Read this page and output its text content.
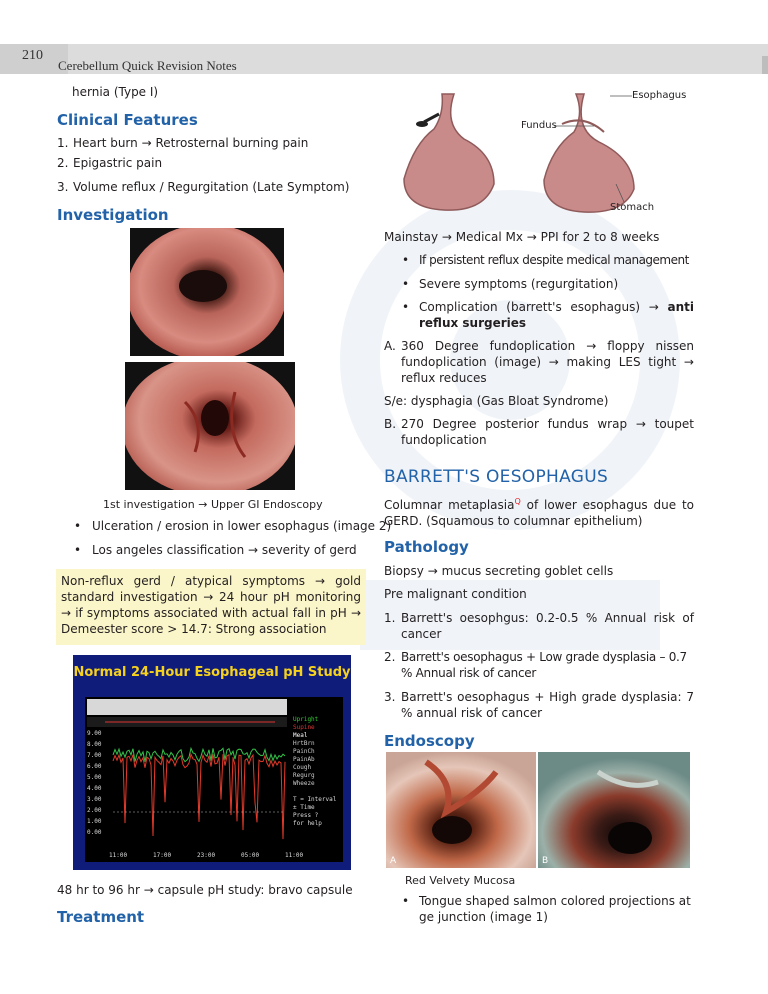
210
Cerebellum Quick Revision Notes
hernia (Type I)
Clinical Features
1. Heart burn → Retrosternal burning pain
2. Epigastric pain
3. Volume reflux / Regurgitation (Late Symptom)
Investigation
1st investigation → Upper GI Endoscopy
• Ulceration / erosion in lower esophagus (image 2)
• Los angeles classification → severity of gerd
Non-reflux gerd / atypical symptoms → gold standard investigation → 24 hour pH monitoring → if symptoms associated with actual fall in pH → Demeester score > 14.7: Strong association
Normal 24-Hour Esophageal pH Study
9.00
8.00
7.00
6.00
5.00
4.00
3.00
2.00
1.00
0.00
11:00	17:00	23:00	05:00	11:00
Upright
Supine
Meal
HrtBrn
PainCh
PainAb
Cough
Regurg
Wheeze
T = Interval
± Time
Press ?
for help
48 hr to 96 hr → capsule pH study: bravo capsule
Treatment
Esophagus
Fundus
Stomach
Mainstay → Medical Mx → PPI for 2 to 8 weeks
• If persistent reflux despite medical management
• Severe symptoms (regurgitation)
• Complication (barrett's esophagus) → anti reflux surgeries
A. 360 Degree fundoplication → floppy nissen fundoplication (image) → making LES tight → reflux reduces
S/e: dysphagia (Gas Bloat Syndrome)
B. 270 Degree posterior fundus wrap → toupet fundoplication
BARRETT'S OESOPHAGUS
Columnar metaplasia$^Q$ of lower esophagus due to GERD. (Squamous to columnar epithelium)
Pathology
Biopsy → mucus secreting goblet cells
Pre malignant condition
1. Barrett's oesophgus: 0.2-0.5 % Annual risk of cancer
2. Barrett's oesophagus + Low grade dysplasia – 0.7 % Annual risk of cancer
3. Barrett's oesophagus + High grade dysplasia: 7 % annual risk of cancer
Endoscopy
A	B
Red Velvety Mucosa
• Tongue shaped salmon colored projections at ge junction (image 1)
